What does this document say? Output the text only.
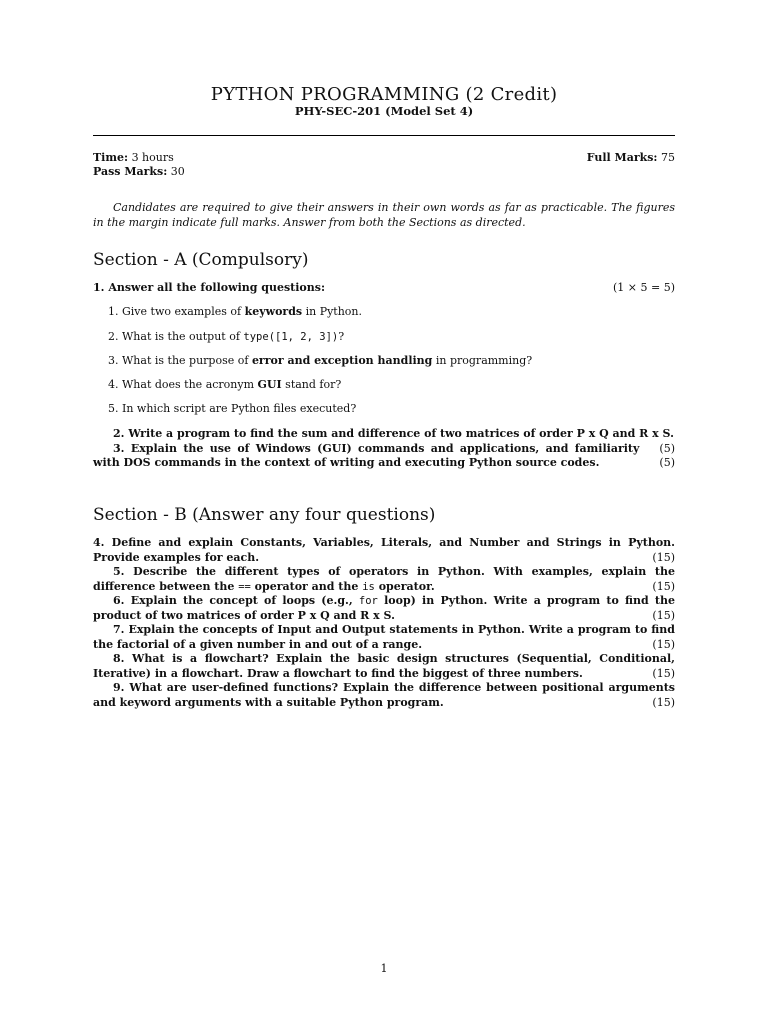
PYTHON PROGRAMMING (2 Credit)
PHY-SEC-201 (Model Set 4)
Time: 3 hours
Pass Marks: 30
Full Marks: 75
Candidates are required to give their answers in their own words as far as practicable. The figures in the margin indicate full marks. Answer from both the Sections as directed.
Section - A (Compulsory)
1. Answer all the following questions:	(1 × 5 = 5)
1. Give two examples of keywords in Python.
2. What is the output of type([1, 2, 3])?
3. What is the purpose of error and exception handling in programming?
4. What does the acronym GUI stand for?
5. In which script are Python files executed?
2. Write a program to find the sum and difference of two matrices of order P x Q and R x S.
(5)
3. Explain the use of Windows (GUI) commands and applications, and familiarity with DOS commands in the context of writing and executing Python source codes.	(5)
Section - B (Answer any four questions)
4. Define and explain Constants, Variables, Literals, and Number and Strings in Python. Provide examples for each.	(15)
5. Describe the different types of operators in Python. With examples, explain the difference between the == operator and the is operator.	(15)
6. Explain the concept of loops (e.g., for loop) in Python. Write a program to find the product of two matrices of order P x Q and R x S.	(15)
7. Explain the concepts of Input and Output statements in Python. Write a program to find the factorial of a given number in and out of a range.	(15)
8. What is a flowchart? Explain the basic design structures (Sequential, Conditional, Iterative) in a flowchart. Draw a flowchart to find the biggest of three numbers.	(15)
9. What are user-defined functions? Explain the difference between positional arguments and keyword arguments with a suitable Python program.	(15)
1
